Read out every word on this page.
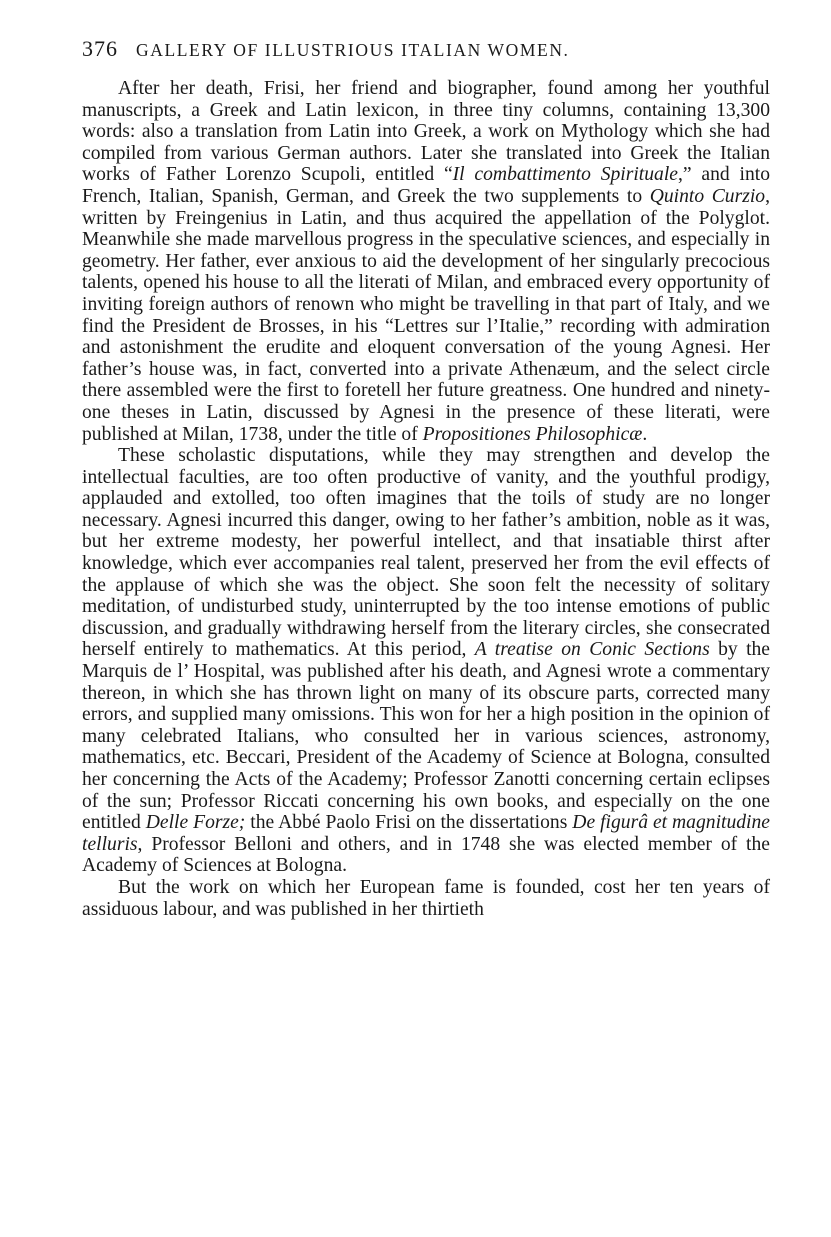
376 GALLERY OF ILLUSTRIOUS ITALIAN WOMEN.

After her death, Frisi, her friend and biographer, found among her youthful manuscripts, a Greek and Latin lexicon, in three tiny columns, containing 13,300 words: also a translation from Latin into Greek, a work on Mythology which she had compiled from various German authors. Later she translated into Greek the Italian works of Father Lorenzo Scupoli, entitled “Il combattimento Spirituale,” and into French, Italian, Spanish, German, and Greek the two supplements to Quinto Curzio, written by Freingenius in Latin, and thus acquired the appellation of the Polyglot. Meanwhile she made marvellous progress in the speculative sciences, and especially in geometry. Her father, ever anxious to aid the development of her singularly precocious talents, opened his house to all the literati of Milan, and embraced every opportunity of inviting foreign authors of renown who might be travelling in that part of Italy, and we find the President de Brosses, in his “Lettres sur l’Italie,” recording with admiration and astonishment the erudite and eloquent conversation of the young Agnesi. Her father’s house was, in fact, converted into a private Athenæum, and the select circle there assembled were the first to foretell her future greatness. One hundred and ninety-one theses in Latin, discussed by Agnesi in the presence of these literati, were published at Milan, 1738, under the title of Propositiones Philosophicæ.

These scholastic disputations, while they may strengthen and develop the intellectual faculties, are too often productive of vanity, and the youthful prodigy, applauded and extolled, too often imagines that the toils of study are no longer necessary. Agnesi incurred this danger, owing to her father’s ambition, noble as it was, but her extreme modesty, her powerful intellect, and that insatiable thirst after knowledge, which ever accompanies real talent, preserved her from the evil effects of the applause of which she was the object. She soon felt the necessity of solitary meditation, of undisturbed study, uninterrupted by the too intense emotions of public discussion, and gradually withdrawing herself from the literary circles, she consecrated herself entirely to mathematics. At this period, A treatise on Conic Sections by the Marquis de l’ Hospital, was published after his death, and Agnesi wrote a commentary thereon, in which she has thrown light on many of its obscure parts, corrected many errors, and supplied many omissions. This won for her a high position in the opinion of many celebrated Italians, who consulted her in various sciences, astronomy, mathematics, etc. Beccari, President of the Academy of Science at Bologna, consulted her concerning the Acts of the Academy; Professor Zanotti concerning certain eclipses of the sun; Professor Riccati concerning his own books, and especially on the one entitled Delle Forze; the Abbé Paolo Frisi on the dissertations De figurâ et magnitudine telluris, Professor Belloni and others, and in 1748 she was elected member of the Academy of Sciences at Bologna.

But the work on which her European fame is founded, cost her ten years of assiduous labour, and was published in her thirtieth
